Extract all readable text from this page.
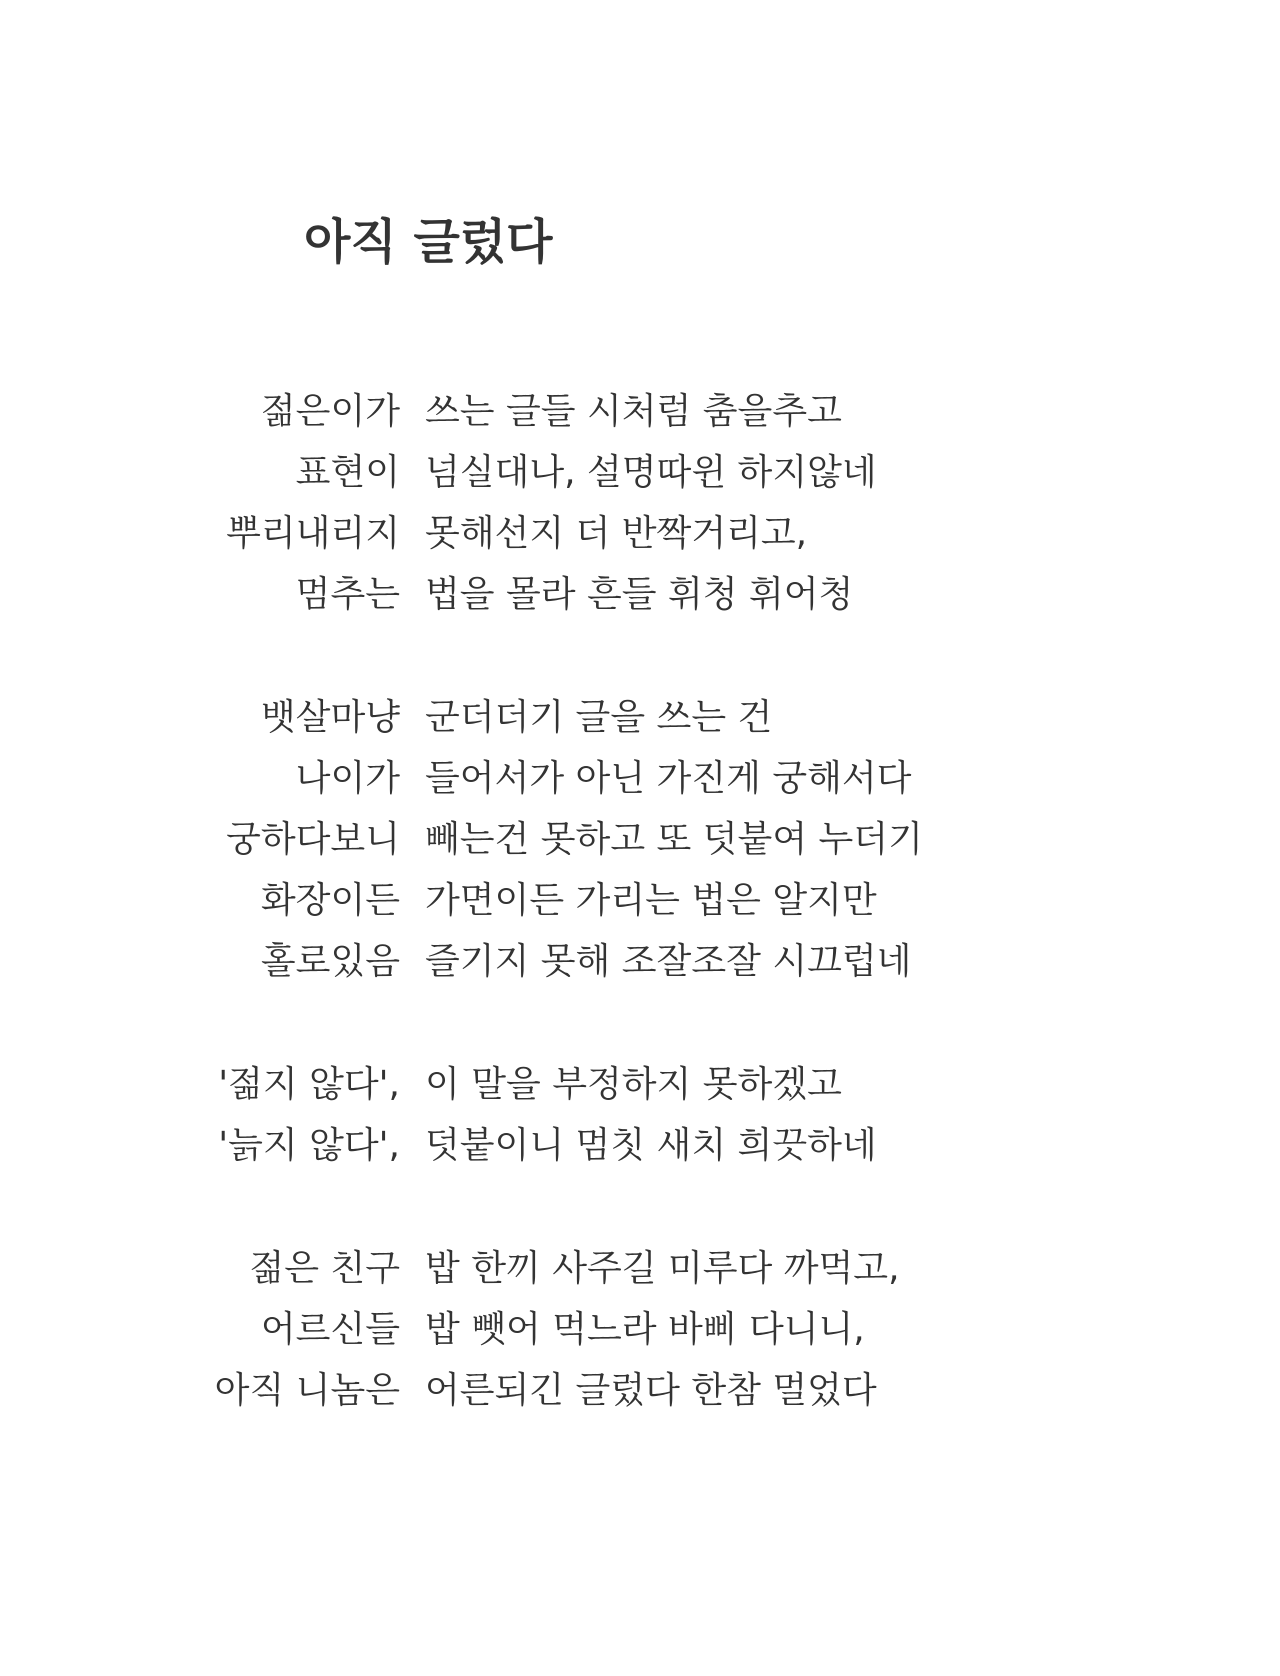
아직 글렀다
젊은이가 쓰는 글들 시처럼 춤을추고
표현이 넘실대나, 설명따윈 하지않네
뿌리내리지 못해선지 더 반짝거리고,
멈추는 법을 몰라 흔들 휘청 휘어청
뱃살마냥 군더더기 글을 쓰는 건
나이가 들어서가 아닌 가진게 궁해서다
궁하다보니 빼는건 못하고 또 덧붙여 누더기
화장이든 가면이든 가리는 법은 알지만
홀로있음 즐기지 못해 조잘조잘 시끄럽네
'젊지 않다', 이 말을 부정하지 못하겠고
'늙지 않다', 덧붙이니 멈칫 새치 희끗하네
젊은 친구 밥 한끼 사주길 미루다 까먹고,
어르신들 밥 뺏어 먹느라 바삐 다니니,
아직 니놈은 어른되긴 글렀다 한참 멀었다
